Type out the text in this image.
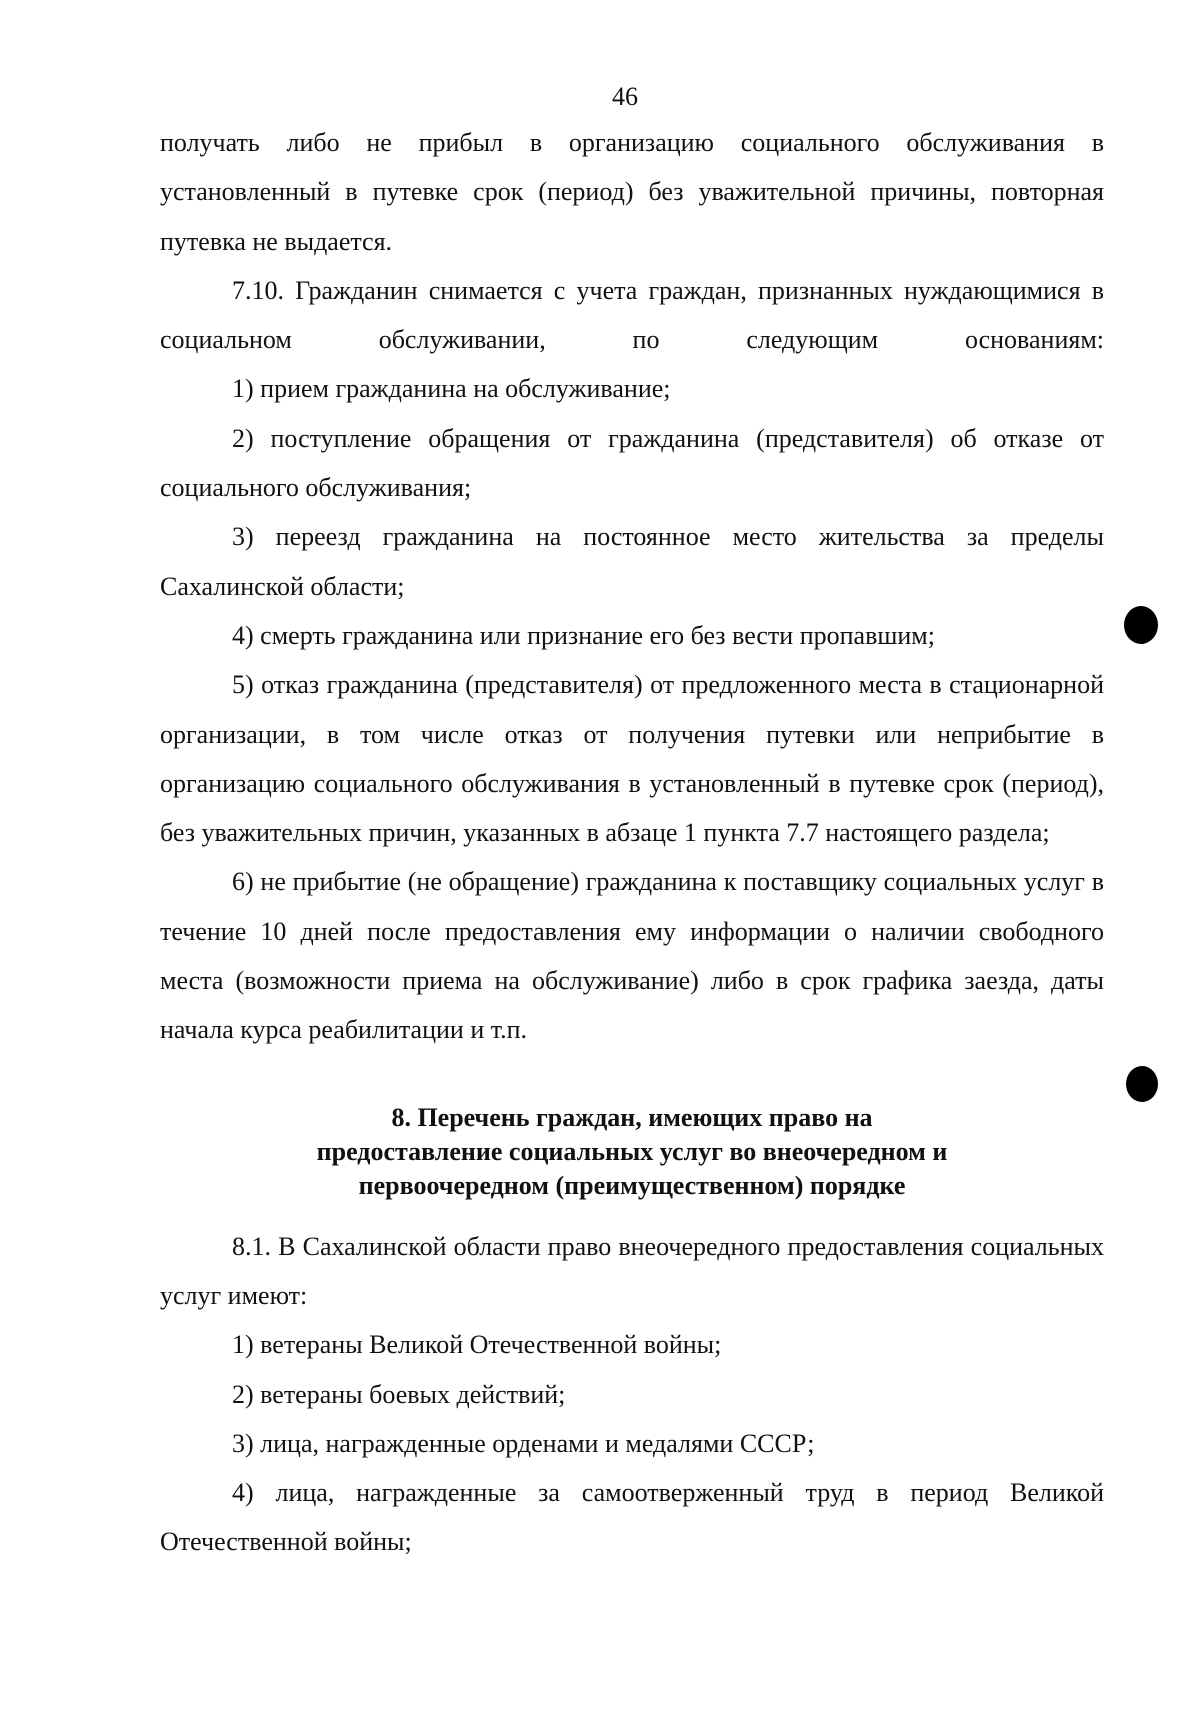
46

получать либо не прибыл в организацию социального обслуживания в установленный в путевке срок (период) без уважительной причины, повторная путевка не выдается.

7.10. Гражданин снимается с учета граждан, признанных нуждающимися в социальном обслуживании, по следующим основаниям:

1) прием гражданина на обслуживание;

2) поступление обращения от гражданина (представителя) об отказе от социального обслуживания;

3) переезд гражданина на постоянное место жительства за пределы Сахалинской области;

4) смерть гражданина или признание его без вести пропавшим;

5) отказ гражданина (представителя) от предложенного места в стационарной организации, в том числе отказ от получения путевки или неприбытие в организацию социального обслуживания в установленный в путевке срок (период), без уважительных причин, указанных в абзаце 1 пункта 7.7 настоящего раздела;

6) не прибытие (не обращение) гражданина к поставщику социальных услуг в течение 10 дней после предоставления ему информации о наличии свободного места (возможности приема на обслуживание) либо в срок графика заезда, даты начала курса реабилитации и т.п.

8. Перечень граждан, имеющих право на
предоставление социальных услуг во внеочередном и
первоочередном (преимущественном) порядке

8.1. В Сахалинской области право внеочередного предоставления социальных услуг имеют:

1) ветераны Великой Отечественной войны;

2) ветераны боевых действий;

3) лица, награжденные орденами и медалями СССР;

4) лица, награжденные за самоотверженный труд в период Великой Отечественной войны;
